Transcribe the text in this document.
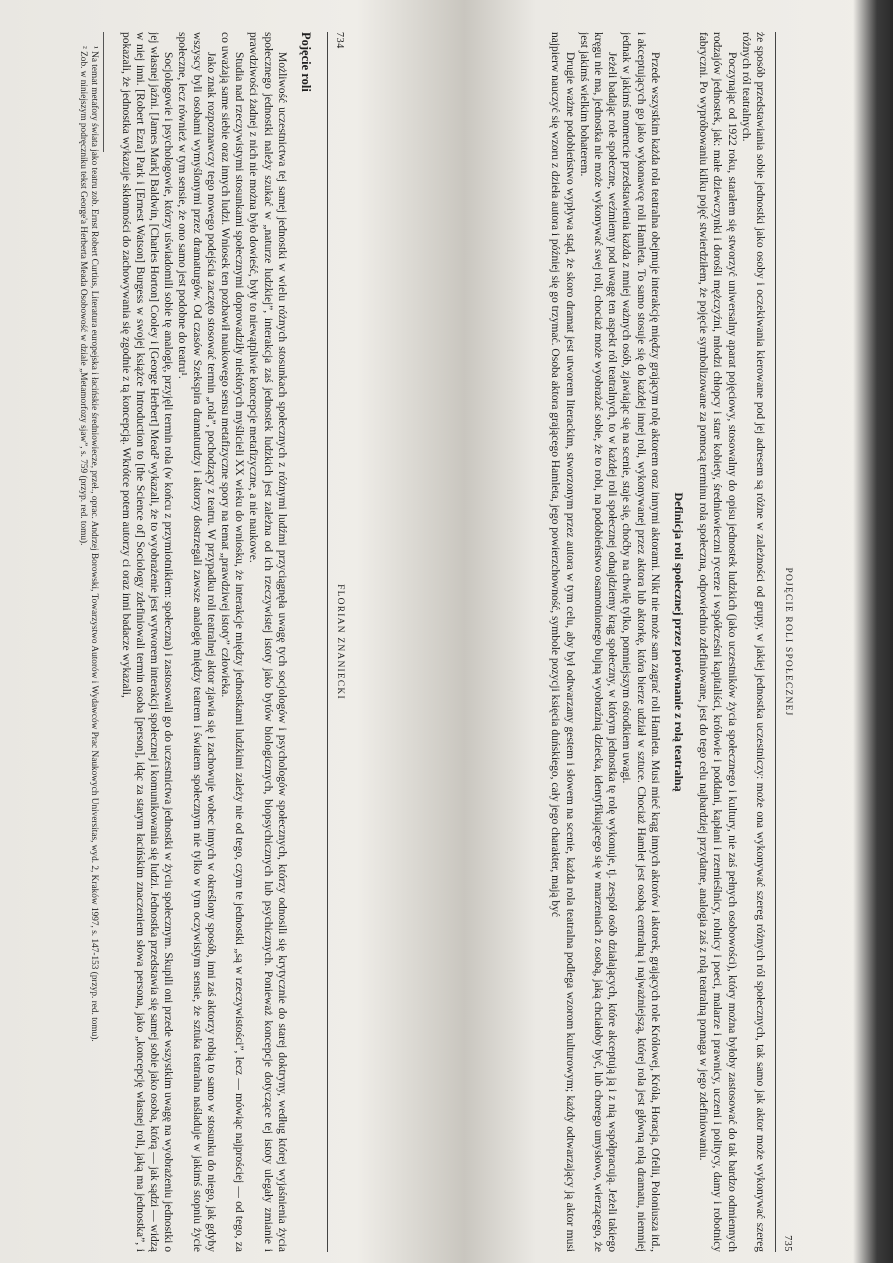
734
FLORIAN ZNANIECKI
Pojęcie roli

Możliwość uczestnictwa tej samej jednostki w wielu różnych stosunkach społecznych z różnymi ludźmi przyciągnęła uwagę tych socjologów i psychologów społecznych, którzy odnosili się krytycznie do starej doktryny, według której wyjaśnienia życia społecznego jednostki należy szukać w „naturze ludzkiej”, interakcja zaś jednostek ludzkich jest zależna od ich rzeczywistej istoty jako bytów biologicznych, biopsychicznych lub psychicznych. Ponieważ koncepcje dotyczące tej istoty ulegały zmianie i prawdziwości żadnej z nich nie można było dowieść, były to niewątpliwie koncepcje metafizyczne, a nie naukowe.

Studia nad rzeczywistymi stosunkami społecznymi doprowadziły niektórych myślicieli XX wieku do wniosku, że interakcje między jednostkami ludzkimi zależy nie od tego, czym te jednostki „są w rzeczywistości”, lecz — mówiąc najprościej — od tego, za co uważają same siebie oraz innych ludzi. Wniosek ten pozbawił naukowego sensu metafizyczne spory na temat „prawdziwej istoty” człowieka.

Jako znak rozpoznawczy tego nowego podejścia zaczęto stosować termin „rola”, pochodzący z teatru. W przypadku roli teatralnej aktor zjawia się i zachowuje wobec innych w określony sposób, inni zaś aktorzy robią to samo w stosunku do niego, jak gdyby wszyscy byli osobami wymyślonymi przez dramaturgów. Od czasów Szekspira dramaturdzy i aktorzy dostrzegali zawsze analogię między teatrem i światem społecznym nie tylko w tym oczywistym sensie, że sztuka teatralna naśladuje w jakimś stopniu życie społeczne, lecz również w tym sensie, że ono samo jest podobne do teatru¹.

Socjologowie i psychologowie, którzy uświadomili sobie tę analogię, przyjęli termin rola (w końcu z przymiotnikiem: społeczna) i zastosowali go do uczestnictwa jednostki w życiu społecznym. Skupili oni przede wszystkim uwagę na wyobrażeniu jednostki o jej własnej jaźni. [James Mark] Baldwin, [Charles Horton] Cooley i [George Herbert] Mead² wykazali, że to wyobrażenie jest wytworem interakcji społecznej i komunikowania się ludzi. Jednostka przedstawia się samej sobie jako osoba, którą — jak sądzi — widzą w niej inni. [Robert Ezra] Park i [Ernest Watson] Burgess w swojej książce Introduction to [the Science of] Sociology zdefiniowali termin osoba [person], idąc za starym łacińskim znaczeniem słowa persona, jako „koncepcję własnej roli, jaką ma jednostka”, i pokazali, że jednostka wykazuje skłonności do zachowywania się zgodnie z tą koncepcją. Wkrótce potem autorzy ci oraz inni badacze wykazali,

¹ Na temat metafory świata jako teatru zob. Ernst Robert Curtius, Literatura europejska i łacińskie średniowiecze, przeł., oprac. Andrzej Borowski, Towarzystwo Autorów i Wydawców Prac Naukowych Universitas, wyd. 2, Kraków 1997, s. 147-153 (przyp. red. tomu).

² Zob. w niniejszym podręczniku tekst George'a Herberta Meada Osobowość w dziale „Metamorfozy sjaw”, s. 759 (przyp. red. tomu).

POJĘCIE ROLI SPOŁECZNEJ
735

że sposób przedstawiania sobie jednostki jako osoby i oczekiwania kierowane pod jej adresem są różne w zależności od grupy, w jakiej jednostka uczestniczy: może ona wykonywać szereg różnych ról społecznych, tak samo jak aktor może wykonywać szereg różnych ról teatralnych.

Poczynając od 1922 roku, starałem się stworzyć uniwersalny aparat pojęciowy, stosowalny do opisu jednostek ludzkich (jako uczestników życia społecznego i kultury, nie zaś pełnych osobowości), który można byłoby zastosować do tak bardzo odmiennych rodzajów jednostek, jak: małe dziewczynki i dorośli mężczyźni, młodzi chłopcy i stare kobiety, średniowieczni rycerze i współcześni kapitaliści, królowie i poddani, kapłani i rzemieślnicy, rolnicy i poeci, malarze i prawnicy, uczeni i politycy, damy i robotnicy fabryczni. Po wypróbowaniu kilku pojęć stwierdziłem, że pojęcie symbolizowane za pomocą terminu rola społeczna, odpowiednio zdefiniowane, jest do tego celu najbardziej przydatne, analogia zaś z rolą teatralną pomaga w jego zdefiniowaniu.

Definicja roli społecznej przez porównanie z rolą teatralną

Przede wszystkim każda rola teatralna obejmuje interakcję między grającym rolę aktorem oraz innymi aktorami. Nikt nie może sam zagrać roli Hamleta. Musi mieć krąg innych aktorów i aktorek, grających role Królowej, Króla, Horacja, Ofelii, Poloniusza itd., i akceptujących go jako wykonawcę roli Hamleta. To samo stosuje się do każdej innej roli, wykonywanej przez aktora lub aktorkę, która bierze udział w sztuce. Chociaż Hamlet jest osobą centralną i najważniejszą, której rola jest główną rolą dramatu, niemniej jednak w jakimś momencie przedstawienia każda z mniej ważnych osób, zjawiając się na scenie, staje się, choćby na chwilę tylko, pomniejszym ośrodkiem uwagi.

Jeżeli badając role społeczne, weźmiemy pod uwagę ten aspekt ról teatralnych, to w każdej roli społecznej odnajdziemy krąg społeczny, w którym jednostka tę rolę wykonuje, tj. zespół osób działających, które akceptują ją i z nią współpracują. Jeżeli takiego kręgu nie ma, jednostka nie może wykonywać swej roli, chociaż może wyobrażać sobie, że to robi, na podobieństwo osamotnionego bujną wyobraźnią dziecka, identyfikującego się w marzeniach z osobą, jaką chciałoby być, lub chorego umysłowo, wierzącego, że jest jakimś wielkim bohaterem.

Drugie ważne podobieństwo wypływa stąd, że skoro dramat jest utworem literackim, stworzonym przez autora w tym celu, aby był odtwarzany gestem i słowem na scenie, każda rola teatralna podlega wzorom kulturowym; każdy odtwarzający ją aktor musi najpierw nauczyć się wzoru z dzieła autora i później się go trzymać. Osoba aktora grającego Hamleta, jego powierzchowność, symbole pozycji księcia duńskiego, cały jego charakter, mają być
